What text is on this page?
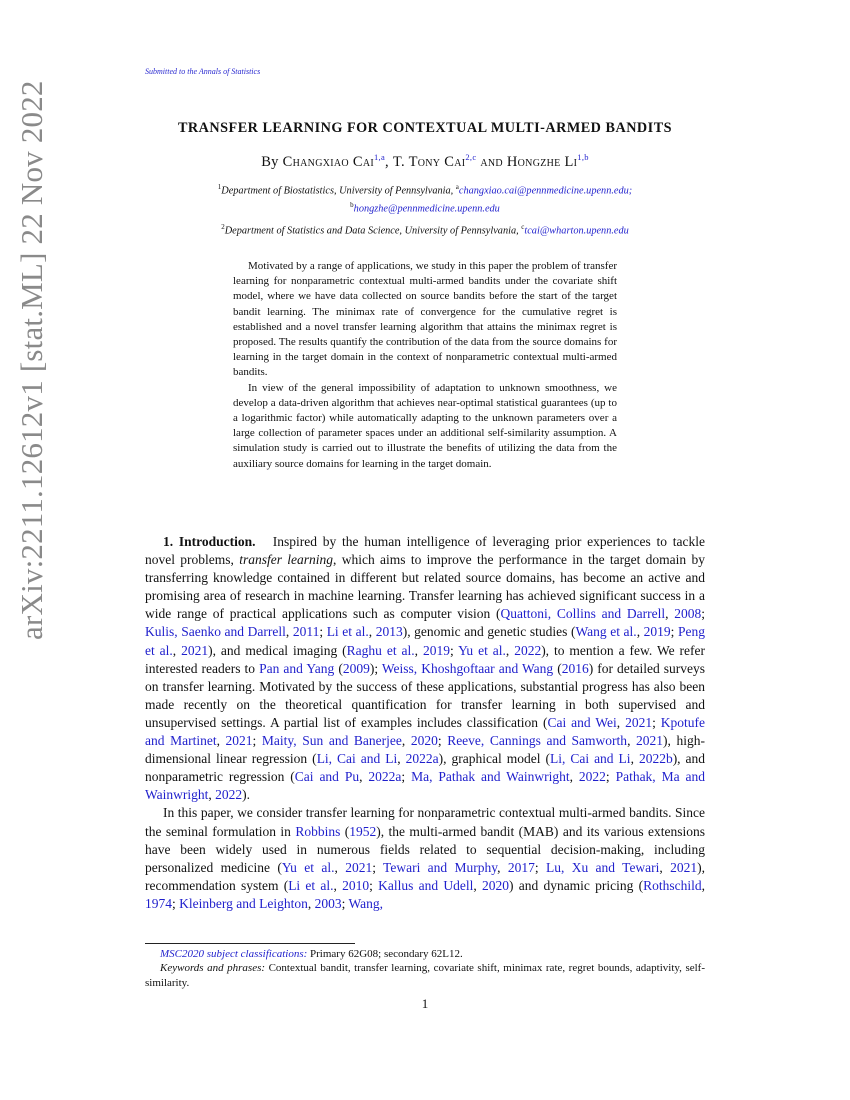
Submitted to the Annals of Statistics
arXiv:2211.12612v1 [stat.ML] 22 Nov 2022	TRANSFER LEARNING FOR CONTEXTUAL MULTI-ARMED BANDITS
By Changxiao Cai$^{1,a}$, T. Tony Cai$^{2,c}$ and Hongzhe Li$^{1,b}$
$^1$Department of Biostatistics, University of Pennsylvania, $^a$changxiao.cai@pennmedicine.upenn.edu;
$^b$hongzhe@pennmedicine.upenn.edu
$^2$Department of Statistics and Data Science, University of Pennsylvania, $^c$tcai@wharton.upenn.edu

Motivated by a range of applications, we study in this paper the problem of transfer learning for nonparametric contextual multi-armed bandits under the covariate shift model, where we have data collected on source bandits before the start of the target bandit learning. The minimax rate of convergence for the cumulative regret is established and a novel transfer learning algorithm that attains the minimax regret is proposed. The results quantify the contribution of the data from the source domains for learning in the target domain in the context of nonparametric contextual multi-armed bandits.

In view of the general impossibility of adaptation to unknown smoothness, we develop a data-driven algorithm that achieves near-optimal statistical guarantees (up to a logarithmic factor) while automatically adapting to the unknown parameters over a large collection of parameter spaces under an additional self-similarity assumption. A simulation study is carried out to illustrate the benefits of utilizing the data from the auxiliary source domains for learning in the target domain.

1. Introduction. Inspired by the human intelligence of leveraging prior experiences to tackle novel problems, transfer learning, which aims to improve the performance in the target domain by transferring knowledge contained in different but related source domains, has become an active and promising area of research in machine learning. Transfer learning has achieved significant success in a wide range of practical applications such as computer vision (Quattoni, Collins and Darrell, 2008; Kulis, Saenko and Darrell, 2011; Li et al., 2013), genomic and genetic studies (Wang et al., 2019; Peng et al., 2021), and medical imaging (Raghu et al., 2019; Yu et al., 2022), to mention a few. We refer interested readers to Pan and Yang (2009); Weiss, Khoshgoftaar and Wang (2016) for detailed surveys on transfer learning. Motivated by the success of these applications, substantial progress has also been made recently on the theoretical quantification for transfer learning in both supervised and unsupervised settings. A partial list of examples includes classification (Cai and Wei, 2021; Kpotufe and Martinet, 2021; Maity, Sun and Banerjee, 2020; Reeve, Cannings and Samworth, 2021), high-dimensional linear regression (Li, Cai and Li, 2022a), graphical model (Li, Cai and Li, 2022b), and nonparametric regression (Cai and Pu, 2022a; Ma, Pathak and Wainwright, 2022; Pathak, Ma and Wainwright, 2022).

In this paper, we consider transfer learning for nonparametric contextual multi-armed bandits. Since the seminal formulation in Robbins (1952), the multi-armed bandit (MAB) and its various extensions have been widely used in numerous fields related to sequential decision-making, including personalized medicine (Yu et al., 2021; Tewari and Murphy, 2017; Lu, Xu and Tewari, 2021), recommendation system (Li et al., 2010; Kallus and Udell, 2020) and dynamic pricing (Rothschild, 1974; Kleinberg and Leighton, 2003; Wang,

MSC2020 subject classifications: Primary 62G08; secondary 62L12.

Keywords and phrases: Contextual bandit, transfer learning, covariate shift, minimax rate, regret bounds, adaptivity, self-similarity.

1
